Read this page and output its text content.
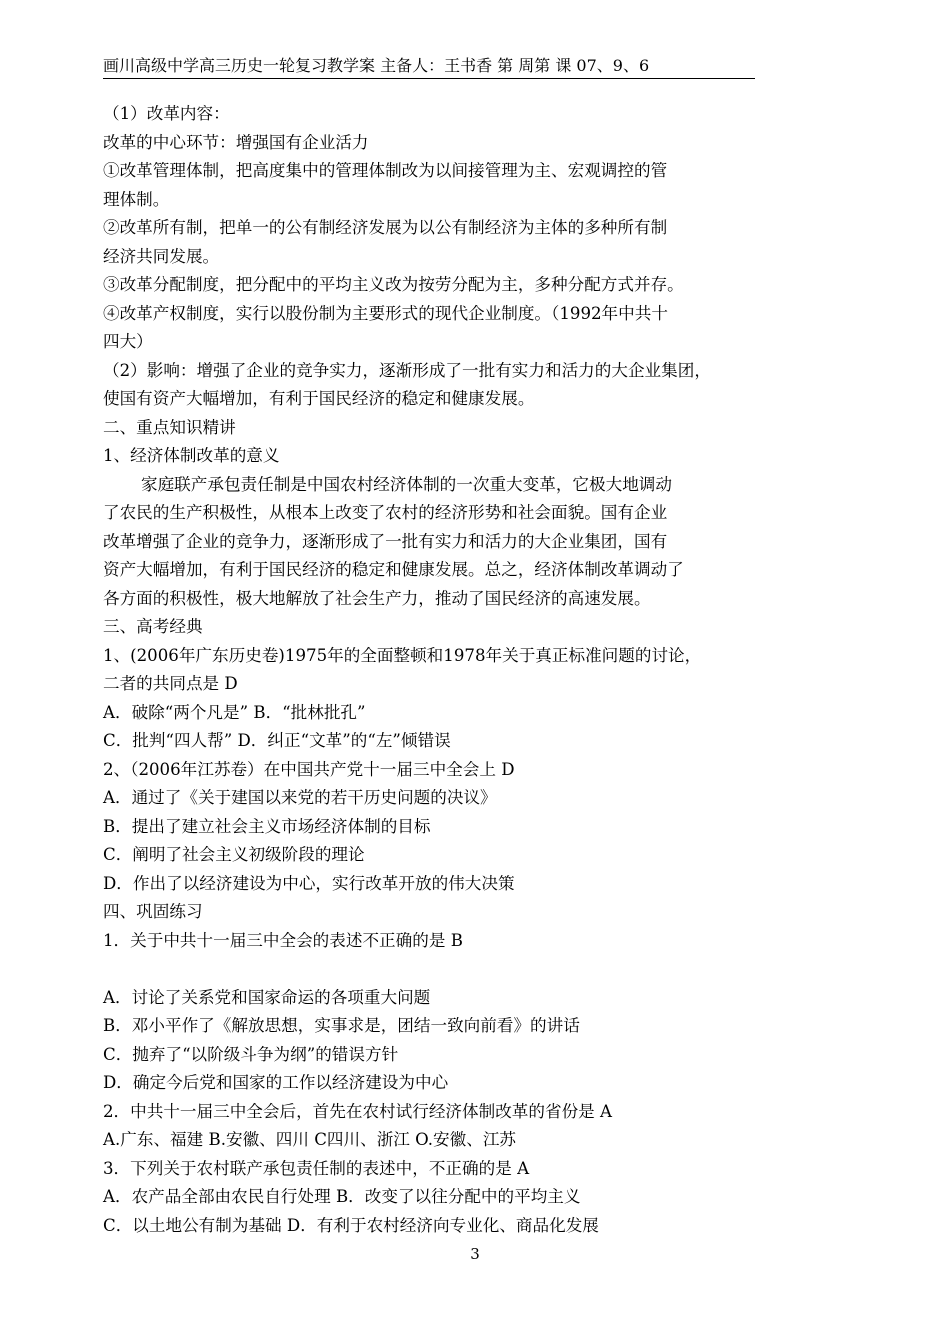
画川高级中学高三历史一轮复习教学案 主备人：王书香 第 周第 课 07、9、6
（1）改革内容：
改革的中心环节：增强国有企业活力
①改革管理体制，把高度集中的管理体制改为以间接管理为主、宏观调控的管
理体制。
②改革所有制，把单一的公有制经济发展为以公有制经济为主体的多种所有制
经济共同发展。
③改革分配制度，把分配中的平均主义改为按劳分配为主，多种分配方式并存。
④改革产权制度，实行以股份制为主要形式的现代企业制度。（1992年中共十
四大）
（2）影响：增强了企业的竞争实力，逐渐形成了一批有实力和活力的大企业集团，
使国有资产大幅增加，有利于国民经济的稳定和健康发展。
二、重点知识精讲
1、经济体制改革的意义
家庭联产承包责任制是中国农村经济体制的一次重大变革，它极大地调动
了农民的生产积极性，从根本上改变了农村的经济形势和社会面貌。国有企业
改革增强了企业的竞争力，逐渐形成了一批有实力和活力的大企业集团，国有
资产大幅增加，有利于国民经济的稳定和健康发展。总之，经济体制改革调动了
各方面的积极性，极大地解放了社会生产力，推动了国民经济的高速发展。
三、高考经典
1、(2006年广东历史卷)1975年的全面整顿和1978年关于真正标准问题的讨论，
二者的共同点是 D
A．破除“两个凡是” B．“批林批孔”
C．批判“四人帮” D．纠正“文革”的“左”倾错误
2、（2006年江苏卷）在中国共产党十一届三中全会上 D
A．通过了《关于建国以来党的若干历史问题的决议》
B．提出了建立社会主义市场经济体制的目标
C．阐明了社会主义初级阶段的理论
D．作出了以经济建设为中心，实行改革开放的伟大决策
四、巩固练习
1．关于中共十一届三中全会的表述不正确的是 B
A．讨论了关系党和国家命运的各项重大问题
B．邓小平作了《解放思想，实事求是，团结一致向前看》的讲话
C．抛弃了“以阶级斗争为纲”的错误方针
D．确定今后党和国家的工作以经济建设为中心
2．中共十一届三中全会后，首先在农村试行经济体制改革的省份是 A
A.广东、福建 B.安徽、四川 C四川、浙江 O.安徽、江苏
3．下列关于农村联产承包责任制的表述中，不正确的是 A
A．农产品全部由农民自行处理 B．改变了以往分配中的平均主义
C．以土地公有制为基础 D．有利于农村经济向专业化、商品化发展
3
